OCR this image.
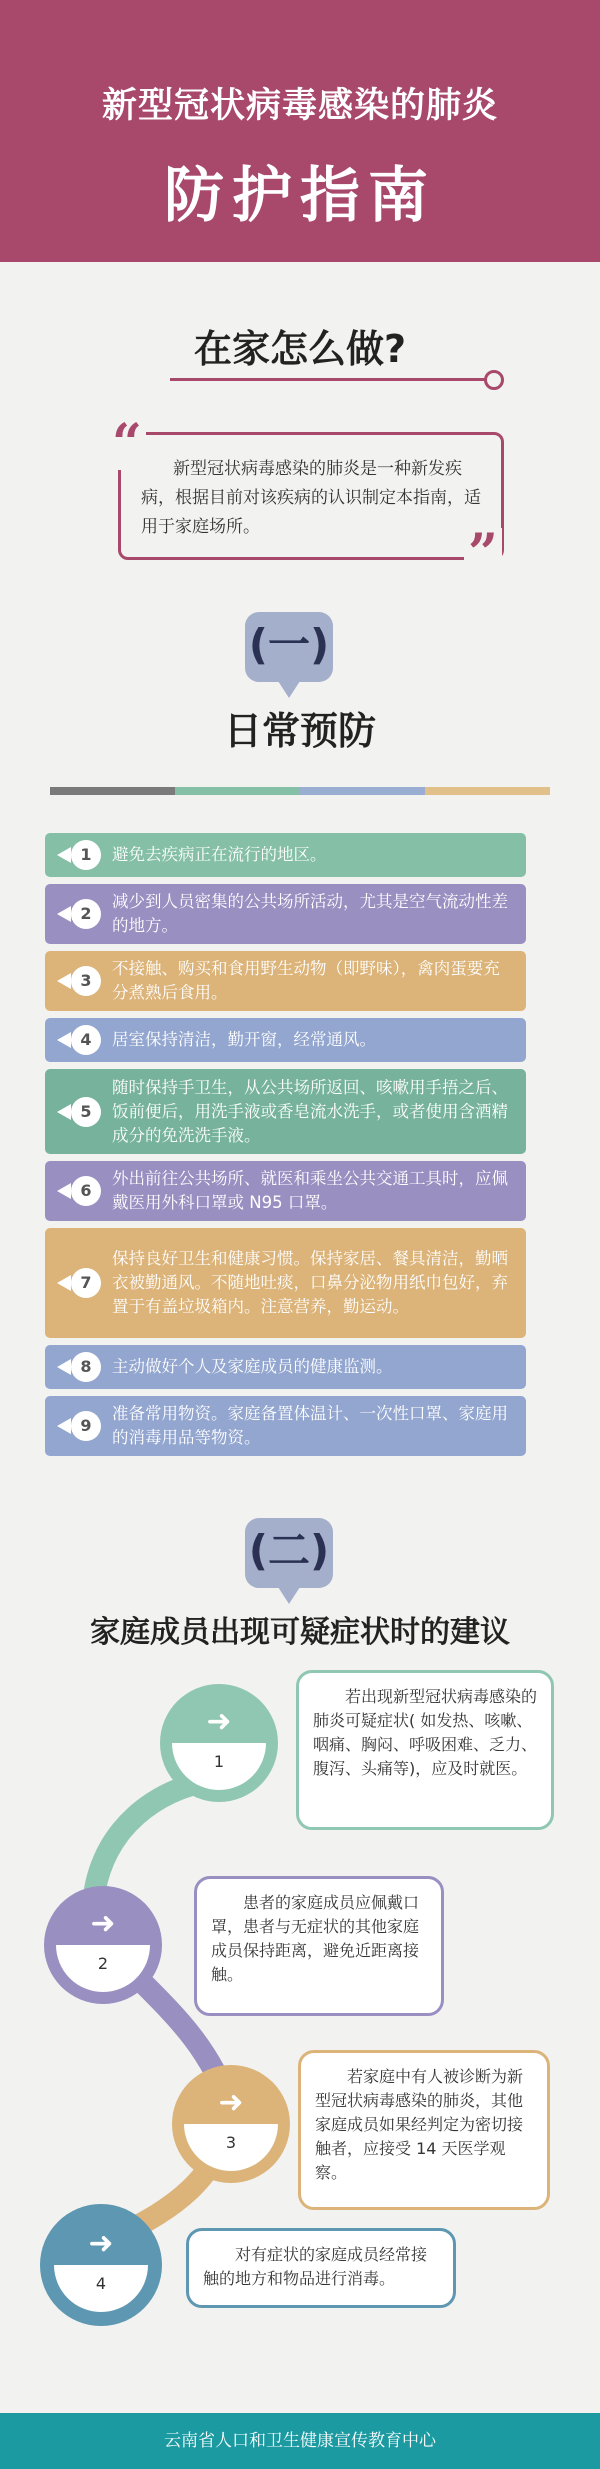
新型冠状病毒感染的肺炎
防护指南
在家怎么做?
新型冠状病毒感染的肺炎是一种新发疾病，根据目前对该疾病的认识制定本指南，适用于家庭场所。
“
”
(一)
日常预防
1	避免去疾病正在流行的地区。
2
减少到人员密集的公共场所活动，尤其是空气流动性差的地方。
3
不接触、购买和食用野生动物（即野味），禽肉蛋要充分煮熟后食用。
4	居室保持清洁，勤开窗，经常通风。
5
随时保持手卫生，从公共场所返回、咳嗽用手捂之后、饭前便后，用洗手液或香皂流水洗手，或者使用含酒精成分的免洗洗手液。
6
外出前往公共场所、就医和乘坐公共交通工具时，应佩戴医用外科口罩或 N95 口罩。
7
保持良好卫生和健康习惯。保持家居、餐具清洁，勤晒衣被勤通风。不随地吐痰，口鼻分泌物用纸巾包好，弃置于有盖垃圾箱内。注意营养，勤运动。
8	主动做好个人及家庭成员的健康监测。
9
准备常用物资。家庭备置体温计、一次性口罩、家庭用的消毒用品等物资。
(二)
家庭成员出现可疑症状时的建议
➜
1
若出现新型冠状病毒感染的肺炎可疑症状( 如发热、咳嗽、咽痛、胸闷、呼吸困难、乏力、腹泻、头痛等)，应及时就医。
➜
2
患者的家庭成员应佩戴口罩，患者与无症状的其他家庭成员保持距离，避免近距离接触。
➜
3
若家庭中有人被诊断为新型冠状病毒感染的肺炎，其他家庭成员如果经判定为密切接触者，应接受 14 天医学观察。
➜
4
对有症状的家庭成员经常接触的地方和物品进行消毒。
云南省人口和卫生健康宣传教育中心
